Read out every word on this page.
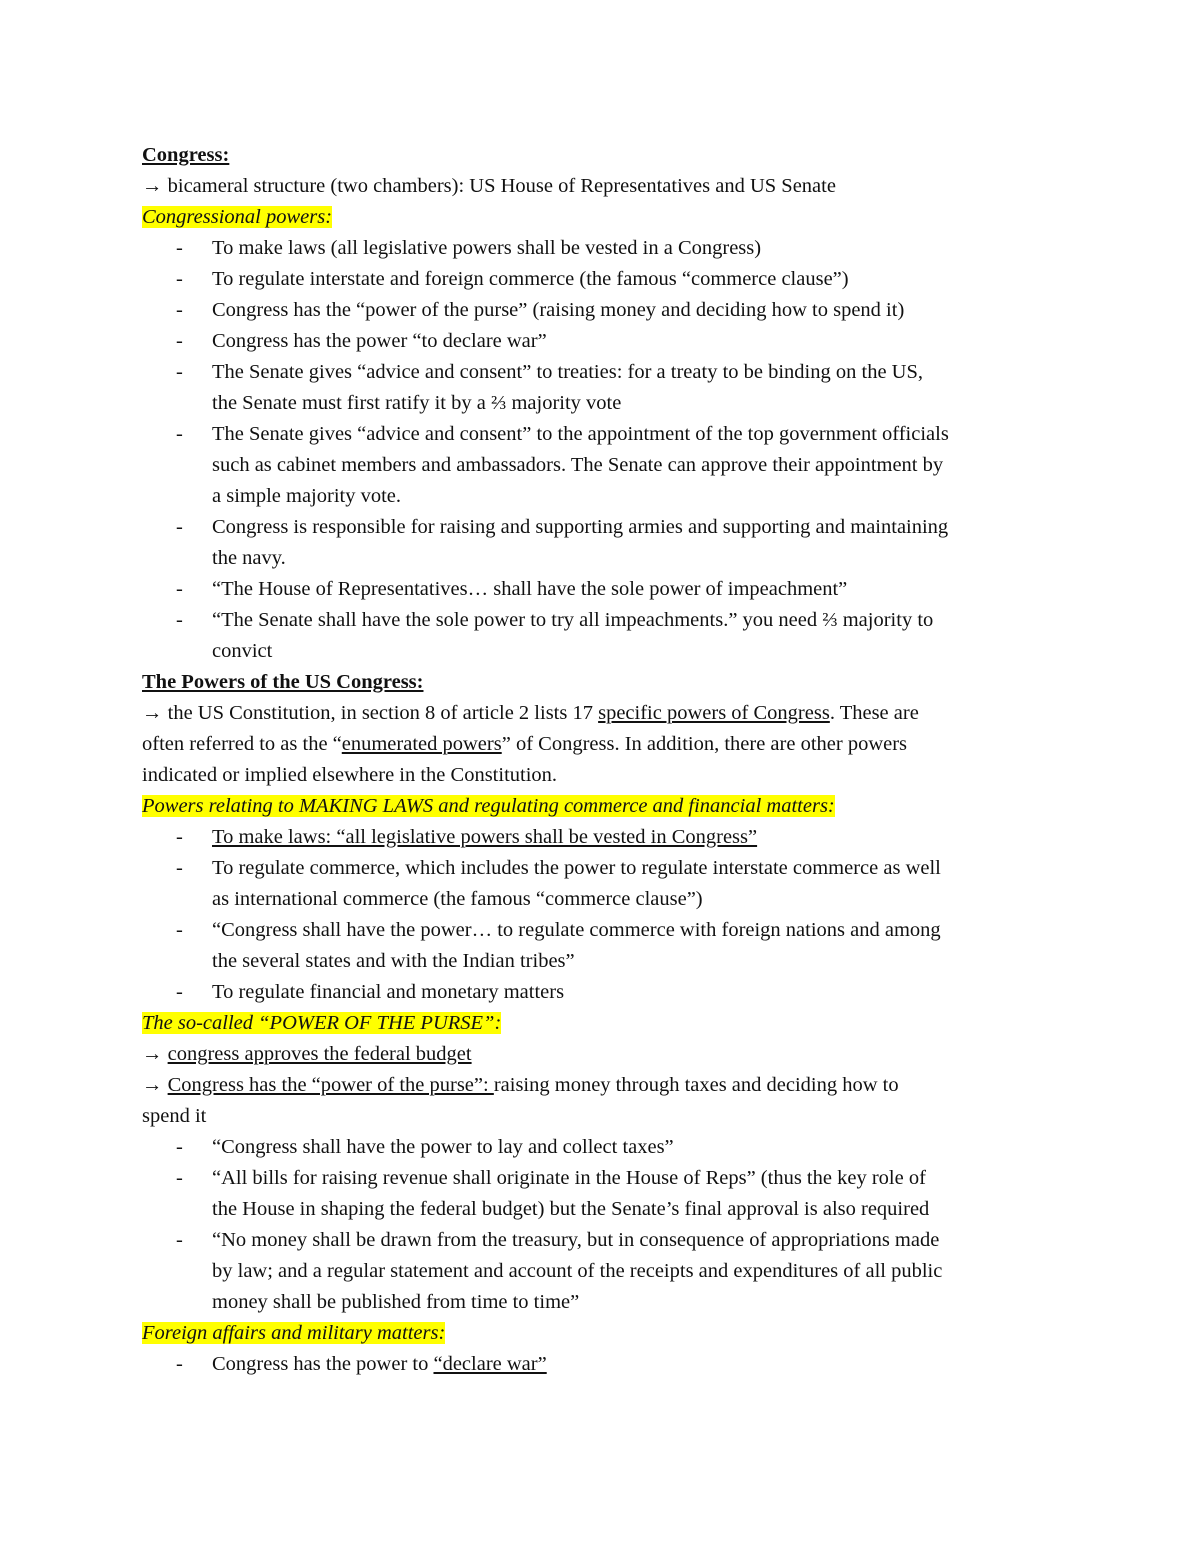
Congress:
→ bicameral structure (two chambers): US House of Representatives and US Senate
Congressional powers:
- To make laws (all legislative powers shall be vested in a Congress)
- To regulate interstate and foreign commerce (the famous “commerce clause”)
- Congress has the “power of the purse” (raising money and deciding how to spend it)
- Congress has the power “to declare war”
- The Senate gives “advice and consent” to treaties: for a treaty to be binding on the US,
the Senate must first ratify it by a ⅔ majority vote
- The Senate gives “advice and consent” to the appointment of the top government officials
such as cabinet members and ambassadors. The Senate can approve their appointment by
a simple majority vote.
- Congress is responsible for raising and supporting armies and supporting and maintaining
the navy.
- “The House of Representatives… shall have the sole power of impeachment”
- “The Senate shall have the sole power to try all impeachments.” you need ⅔ majority to
convict
The Powers of the US Congress:
→ the US Constitution, in section 8 of article 2 lists 17 specific powers of Congress. These are
often referred to as the “enumerated powers” of Congress. In addition, there are other powers
indicated or implied elsewhere in the Constitution.
Powers relating to MAKING LAWS and regulating commerce and financial matters:
- To make laws: “all legislative powers shall be vested in Congress”
- To regulate commerce, which includes the power to regulate interstate commerce as well
as international commerce (the famous “commerce clause”)
- “Congress shall have the power… to regulate commerce with foreign nations and among
the several states and with the Indian tribes”
- To regulate financial and monetary matters
The so-called “POWER OF THE PURSE”:
→ congress approves the federal budget
→ Congress has the “power of the purse”: raising money through taxes and deciding how to
spend it
- “Congress shall have the power to lay and collect taxes”
- “All bills for raising revenue shall originate in the House of Reps” (thus the key role of
the House in shaping the federal budget) but the Senate’s final approval is also required
- “No money shall be drawn from the treasury, but in consequence of appropriations made
by law; and a regular statement and account of the receipts and expenditures of all public
money shall be published from time to time”
Foreign affairs and military matters:
- Congress has the power to “declare war”
